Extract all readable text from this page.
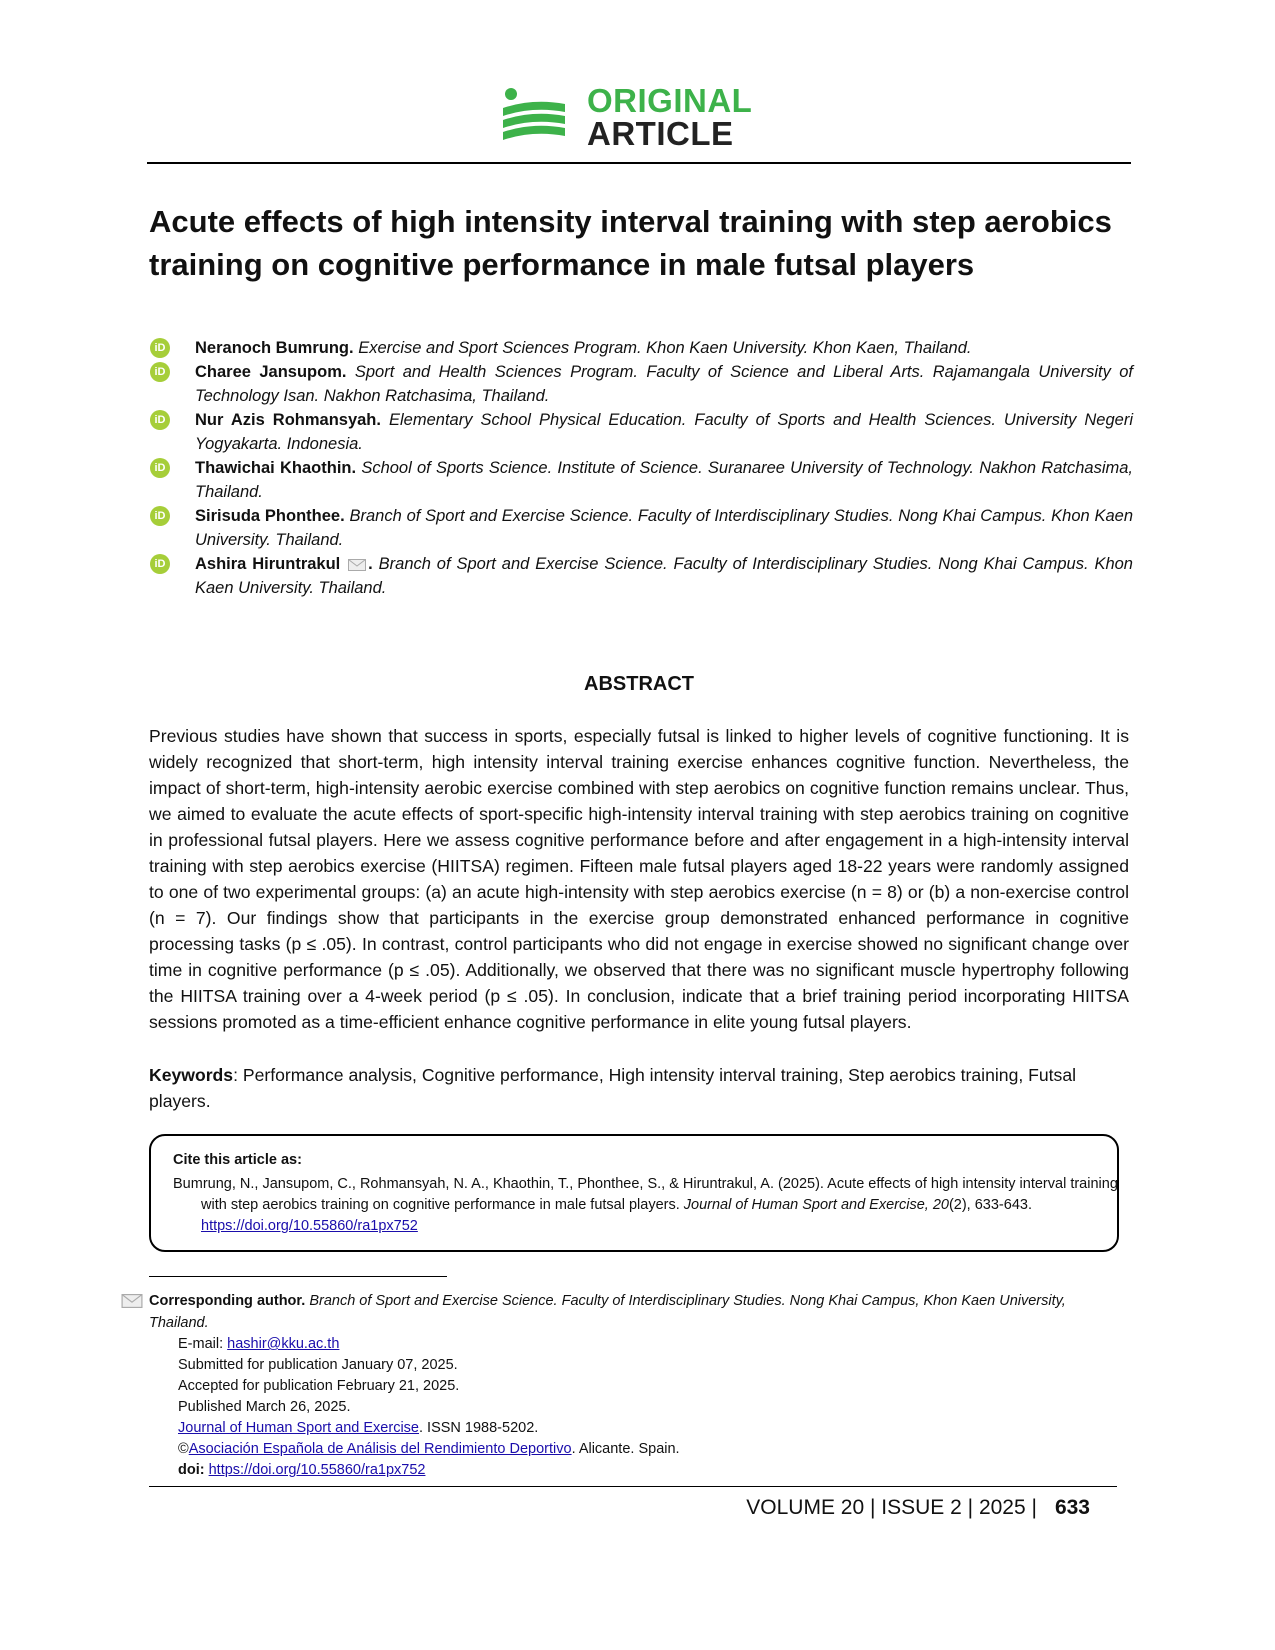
ORIGINAL
ARTICLE
Acute effects of high intensity interval training with step aerobics training on cognitive performance in male futsal players
iD Neranoch Bumrung. Exercise and Sport Sciences Program. Khon Kaen University. Khon Kaen, Thailand.
iD Charee Jansupom. Sport and Health Sciences Program. Faculty of Science and Liberal Arts. Rajamangala University of Technology Isan. Nakhon Ratchasima, Thailand.
iD Nur Azis Rohmansyah. Elementary School Physical Education. Faculty of Sports and Health Sciences. University Negeri Yogyakarta. Indonesia.
iD Thawichai Khaothin. School of Sports Science. Institute of Science. Suranaree University of Technology. Nakhon Ratchasima, Thailand.
iD Sirisuda Phonthee. Branch of Sport and Exercise Science. Faculty of Interdisciplinary Studies. Nong Khai Campus. Khon Kaen University. Thailand.
iD Ashira Hiruntrakul . Branch of Sport and Exercise Science. Faculty of Interdisciplinary Studies. Nong Khai Campus. Khon Kaen University. Thailand.
ABSTRACT
Previous studies have shown that success in sports, especially futsal is linked to higher levels of cognitive functioning. It is widely recognized that short-term, high intensity interval training exercise enhances cognitive function. Nevertheless, the impact of short-term, high-intensity aerobic exercise combined with step aerobics on cognitive function remains unclear. Thus, we aimed to evaluate the acute effects of sport-specific high-intensity interval training with step aerobics training on cognitive in professional futsal players. Here we assess cognitive performance before and after engagement in a high-intensity interval training with step aerobics exercise (HIITSA) regimen. Fifteen male futsal players aged 18-22 years were randomly assigned to one of two experimental groups: (a) an acute high-intensity with step aerobics exercise (n = 8) or (b) a non-exercise control (n = 7). Our findings show that participants in the exercise group demonstrated enhanced performance in cognitive processing tasks (p ≤ .05). In contrast, control participants who did not engage in exercise showed no significant change over time in cognitive performance (p ≤ .05). Additionally, we observed that there was no significant muscle hypertrophy following the HIITSA training over a 4-week period (p ≤ .05). In conclusion, indicate that a brief training period incorporating HIITSA sessions promoted as a time-efficient enhance cognitive performance in elite young futsal players.
Keywords: Performance analysis, Cognitive performance, High intensity interval training, Step aerobics training, Futsal players.
Cite this article as:
Bumrung, N., Jansupom, C., Rohmansyah, N. A., Khaothin, T., Phonthee, S., & Hiruntrakul, A. (2025). Acute effects of high intensity interval training with step aerobics training on cognitive performance in male futsal players. Journal of Human Sport and Exercise, 20(2), 633-643. https://doi.org/10.55860/ra1px752
Corresponding author. Branch of Sport and Exercise Science. Faculty of Interdisciplinary Studies. Nong Khai Campus, Khon Kaen University, Thailand.
E-mail: hashir@kku.ac.th
Submitted for publication January 07, 2025.
Accepted for publication February 21, 2025.
Published March 26, 2025.
Journal of Human Sport and Exercise. ISSN 1988-5202.
©Asociación Española de Análisis del Rendimiento Deportivo. Alicante. Spain.
doi: https://doi.org/10.55860/ra1px752
VOLUME 20 | ISSUE 2 | 2025 | 633
